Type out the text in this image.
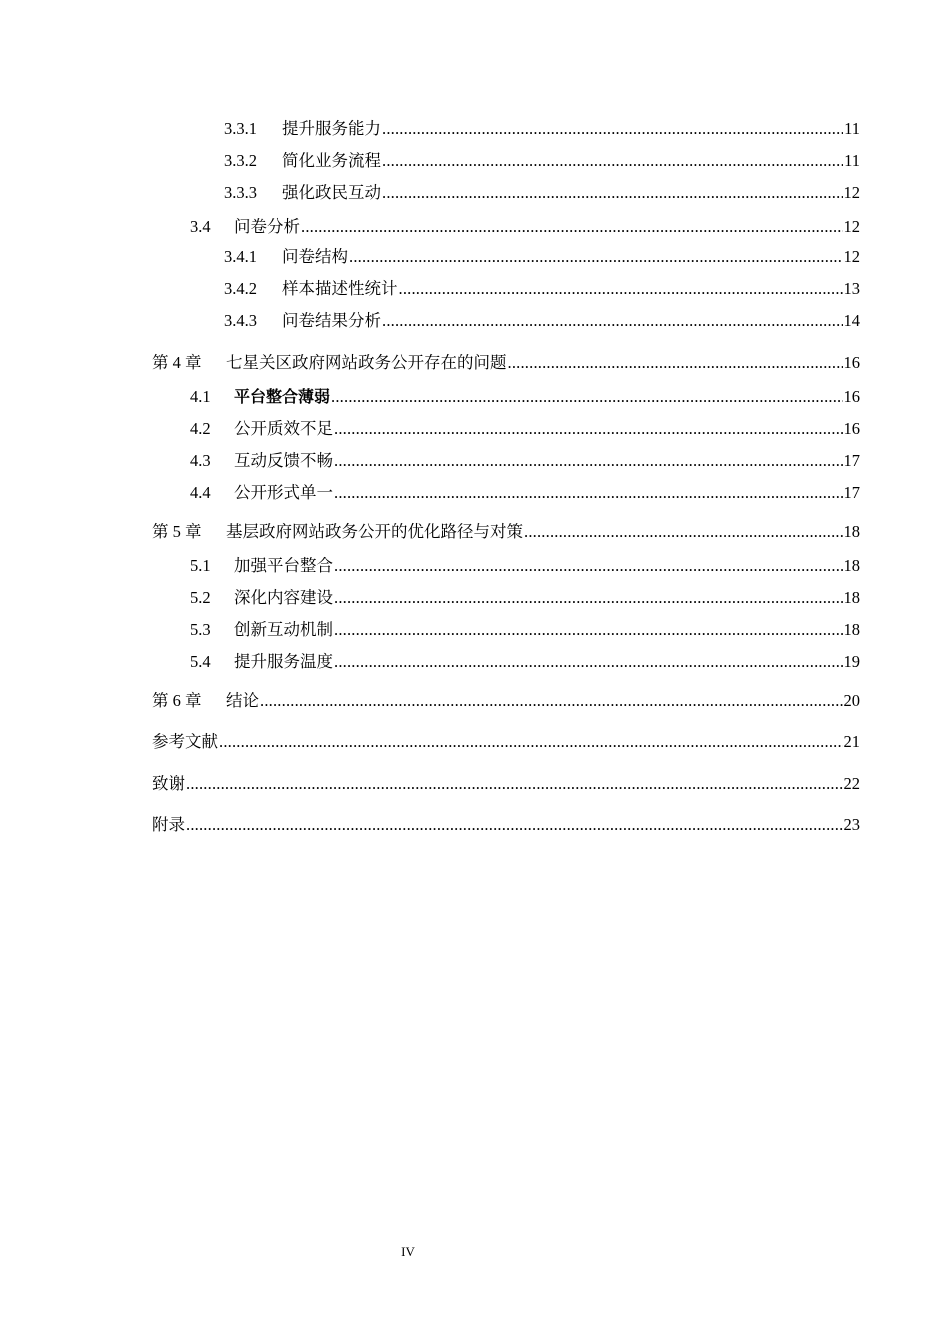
3.3.1	提升服务能力 .....	11
3.3.2	简化业务流程 .....	11
3.3.3	强化政民互动 .....	12
3.4	问卷分析 .....	12
3.4.1	问卷结构 .....	12
3.4.2	样本描述性统计 .....	13
3.4.3	问卷结果分析 .....	14
第 4 章	七星关区政府网站政务公开存在的问题 .....	16
4.1	平台整合薄弱 .....	16
4.2	公开质效不足 .....	16
4.3	互动反馈不畅 .....	17
4.4	公开形式单一 .....	17
第 5 章	基层政府网站政务公开的优化路径与对策 .....	18
5.1	加强平台整合 .....	18
5.2	深化内容建设 .....	18
5.3	创新互动机制 .....	18
5.4	提升服务温度 .....	19
第 6 章	结论 .....	20
参考文献 .....	21
致谢 .....	22
附录 .....	23
IV
